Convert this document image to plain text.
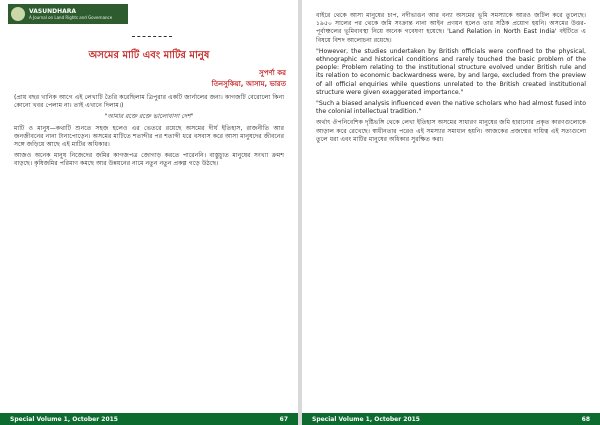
VASUNDHARA
A Journal on Land Rights and Governance
অসমের মাটি এবং মাটির মানুষ
সুপর্ণা কর
তিনসুকিয়া, আসাম, ভারত

(প্রায় বছর খানিক আগে এই লেখাটি তৈরি করেছিলাম ত্রিপুরার একটি জার্নালের জন্য। কাগজটি বেরোলো কিনা কোনো খবর পেলাম না। তাই এখানে দিলাম।)

"আমার রক্তে রক্তে ভালোবাসা দেশ"

মাটি ও মানুষ—কথাটি শুনতে সহজ হলেও এর ভেতরে রয়েছে অসমের দীর্ঘ ইতিহাস, রাজনীতি আর জনজীবনের নানা টানাপোড়েন। অসমের মাটিতে শতাব্দীর পর শতাব্দী ধরে বসবাস করে আসা মানুষদের জীবনের সঙ্গে জড়িয়ে আছে এই মাটির অধিকার।

আজও অনেক মানুষ নিজেদের জমির কাগজপত্র জোগাড় করতে পারেননি। বাস্তুচ্যুত মানুষের সংখ্যা ক্রমশ বাড়ছে। কৃষিজমির পরিমাণ কমছে আর উন্নয়নের নামে নতুন নতুন প্রকল্প গড়ে উঠছে।

Special Volume 1, October 2015	67

বাইরে থেকে আসা মানুষের চাপ, নদীভাঙন আর বন্যা অসমের ভূমি সমস্যাকে আরও জটিল করে তুলেছে। ১৯৫০ সালের পর থেকে জমি সংক্রান্ত নানা আইন প্রণয়ন হলেও তার সঠিক প্রয়োগ হয়নি। অসমের উত্তর-পূর্বাঞ্চলের ভূমিব্যবস্থা নিয়ে অনেক গবেষণা হয়েছে। 'Land Relation in North East India' বইটিতে এ বিষয়ে বিশদ আলোচনা রয়েছে।

"However, the studies undertaken by British officials were confined to the physical, ethnographic and historical conditions and rarely touched the basic problem of the people: Problem relating to the institutional structure evolved under British rule and its relation to economic backwardness were, by and large, excluded from the preview of all official enquiries while questions unrelated to the British created institutional structure were given exaggerated importance."

"Such a biased analysis influenced even the native scholars who had almost fused into the colonial intellectual tradition."

অর্থাৎ ঔপনিবেশিক দৃষ্টিভঙ্গি থেকে লেখা ইতিহাস অসমের সাধারণ মানুষের জমি হারানোর প্রকৃত কারণগুলোকে আড়াল করে রেখেছে। স্বাধীনতার পরেও এই সমস্যার সমাধান হয়নি। আজকের প্রজন্মের দায়িত্ব এই সত্যগুলো তুলে ধরা এবং মাটির মানুষের অধিকার সুরক্ষিত করা।

Special Volume 1, October 2015	68
